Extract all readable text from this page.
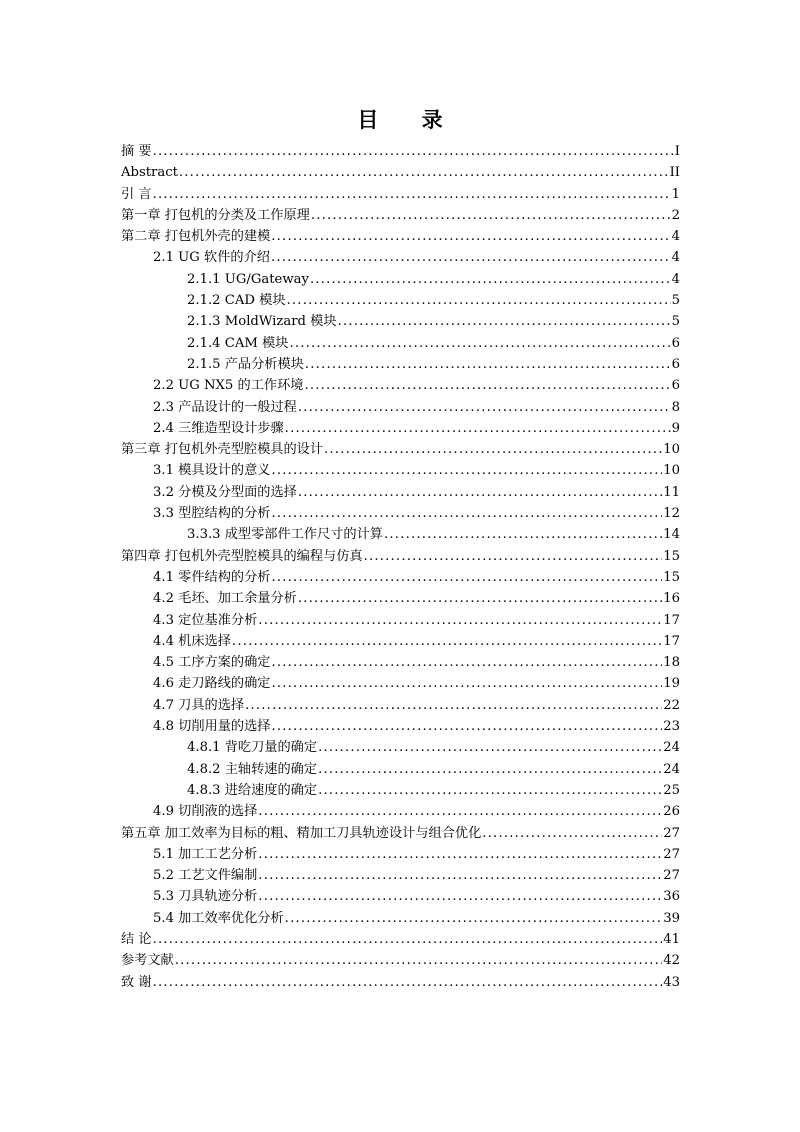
目 录
摘 要 .....	I
Abstract .....	II
引 言 .....	1
第一章 打包机的分类及工作原理 .....	2
第二章 打包机外壳的建模 .....	4
2.1 UG 软件的介绍 .....	4
2.1.1 UG/Gateway .....	4
2.1.2 CAD 模块 .....	5
2.1.3 MoldWizard 模块 .....	5
2.1.4 CAM 模块 .....	6
2.1.5 产品分析模块 .....	6
2.2 UG NX5 的工作环境 .....	6
2.3 产品设计的一般过程 .....	8
2.4 三维造型设计步骤 .....	9
第三章 打包机外壳型腔模具的设计 .....	10
3.1 模具设计的意义 .....	10
3.2 分模及分型面的选择 .....	11
3.3 型腔结构的分析 .....	12
3.3.3 成型零部件工作尺寸的计算 .....	14
第四章 打包机外壳型腔模具的编程与仿真 .....	15
4.1 零件结构的分析 .....	15
4.2 毛坯、加工余量分析 .....	16
4.3 定位基准分析 .....	17
4.4 机床选择 .....	17
4.5 工序方案的确定 .....	18
4.6 走刀路线的确定 .....	19
4.7 刀具的选择 .....	22
4.8 切削用量的选择 .....	23
4.8.1 背吃刀量的确定 .....	24
4.8.2 主轴转速的确定 .....	24
4.8.3 进给速度的确定 .....	25
4.9 切削液的选择 .....	26
第五章 加工效率为目标的粗、精加工刀具轨迹设计与组合优化 .....	27
5.1 加工工艺分析 .....	27
5.2 工艺文件编制 .....	27
5.3 刀具轨迹分析 .....	36
5.4 加工效率优化分析 .....	39
结 论 .....	41
参考文献 .....	42
致 谢 .....	43
